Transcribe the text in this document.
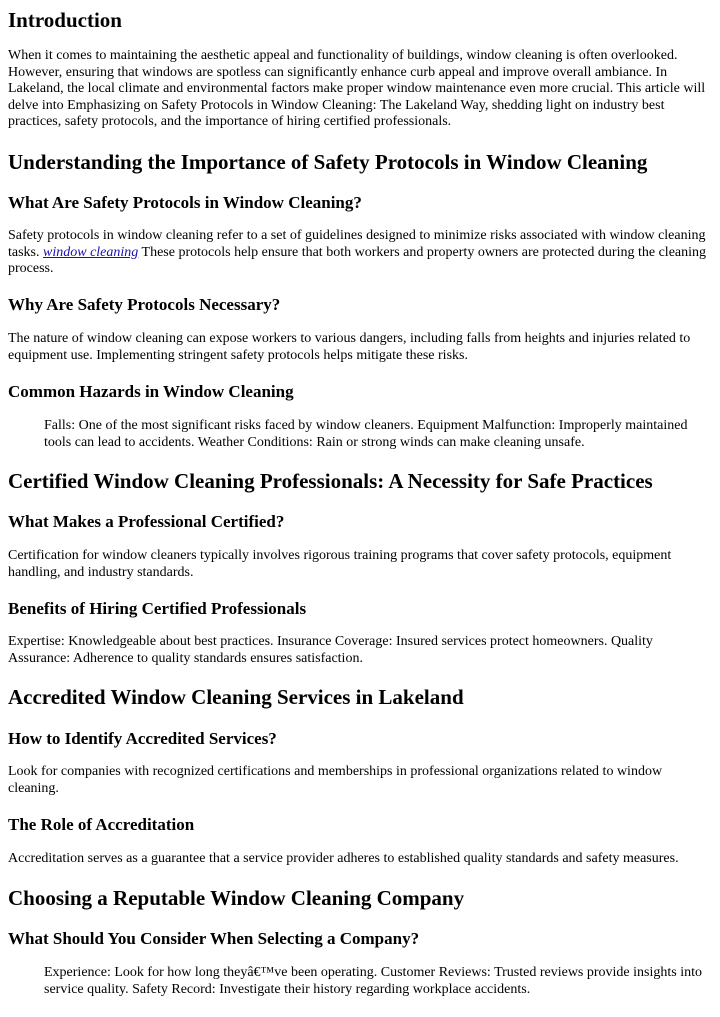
Introduction

When it comes to maintaining the aesthetic appeal and functionality of buildings, window cleaning is often overlooked. However, ensuring that windows are spotless can significantly enhance curb appeal and improve overall ambiance. In Lakeland, the local climate and environmental factors make proper window maintenance even more crucial. This article will delve into Emphasizing on Safety Protocols in Window Cleaning: The Lakeland Way, shedding light on industry best practices, safety protocols, and the importance of hiring certified professionals.

Understanding the Importance of Safety Protocols in Window Cleaning
What Are Safety Protocols in Window Cleaning?

Safety protocols in window cleaning refer to a set of guidelines designed to minimize risks associated with window cleaning tasks. window cleaning These protocols help ensure that both workers and property owners are protected during the cleaning process.

Why Are Safety Protocols Necessary?

The nature of window cleaning can expose workers to various dangers, including falls from heights and injuries related to equipment use. Implementing stringent safety protocols helps mitigate these risks.

Common Hazards in Window Cleaning

Falls: One of the most significant risks faced by window cleaners. Equipment Malfunction: Improperly maintained tools can lead to accidents. Weather Conditions: Rain or strong winds can make cleaning unsafe.

Certified Window Cleaning Professionals: A Necessity for Safe Practices
What Makes a Professional Certified?

Certification for window cleaners typically involves rigorous training programs that cover safety protocols, equipment handling, and industry standards.

Benefits of Hiring Certified Professionals

Expertise: Knowledgeable about best practices. Insurance Coverage: Insured services protect homeowners. Quality Assurance: Adherence to quality standards ensures satisfaction.

Accredited Window Cleaning Services in Lakeland
How to Identify Accredited Services?

Look for companies with recognized certifications and memberships in professional organizations related to window cleaning.

The Role of Accreditation

Accreditation serves as a guarantee that a service provider adheres to established quality standards and safety measures.

Choosing a Reputable Window Cleaning Company
What Should You Consider When Selecting a Company?

Experience: Look for how long theyâ€™ve been operating. Customer Reviews: Trusted reviews provide insights into service quality. Safety Record: Investigate their history regarding workplace accidents.
